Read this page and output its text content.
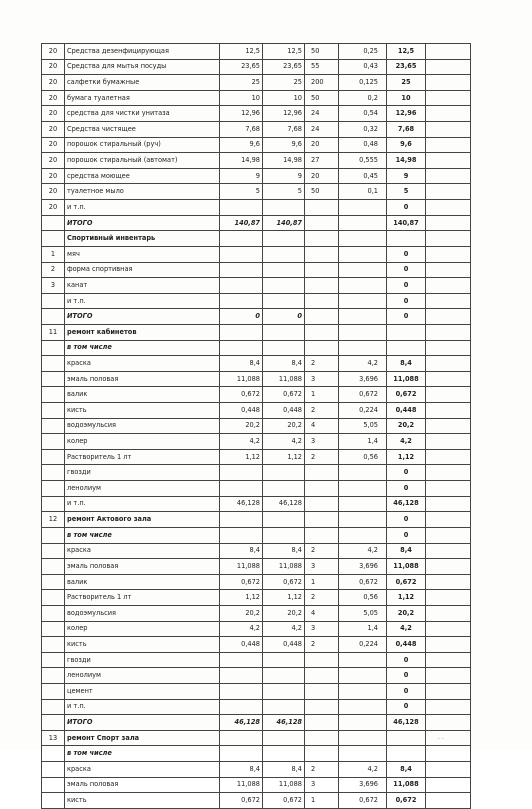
20	Средства дезенфицирующая	12,5	12,5	50	0,25	12,5	
20	Средства для мытья посуды	23,65	23,65	55	0,43	23,65	
20	салфетки бумажные	25	25	200	0,125	25	
20	бумага туалетная	10	10	50	0,2	10	
20	средства для чистки унитаза	12,96	12,96	24	0,54	12,96	
20	Средства чистящее	7,68	7,68	24	0,32	7,68	
20	порошок стиральный (руч)	9,6	9,6	20	0,48	9,6	
20	порошок стиральный (автомат)	14,98	14,98	27	0,555	14,98	
20	средства моющее	9	9	20	0,45	9	
20	туалетное мыло	5	5	50	0,1	5	
20	и т.п.					0	
	ИТОГО	140,87	140,87			140,87	
	Спортивный инвентарь						
1	мяч					0	
2	форма спортивная					0	
3	канат					0	
	и т.п.					0	
	ИТОГО	0	0			0	
11	ремонт кабинетов						
	в том числе						
	краска	8,4	8,4	2	4,2	8,4	
	эмаль половая	11,088	11,088	3	3,696	11,088	
	валик	0,672	0,672	1	0,672	0,672	
	кисть	0,448	0,448	2	0,224	0,448	
	водоэмульсия	20,2	20,2	4	5,05	20,2	
	колер	4,2	4,2	3	1,4	4,2	
	Растворитель 1 лт	1,12	1,12	2	0,56	1,12	
	гвозди					0	
	ленолиум					0	
	и т.п.	46,128	46,128			46,128	
12	ремонт Актового зала					0	
	в том числе					0	
	краска	8,4	8,4	2	4,2	8,4	
	эмаль половая	11,088	11,088	3	3,696	11,088	
	валик	0,672	0,672	1	0,672	0,672	
	Растворитель 1 лт	1,12	1,12	2	0,56	1,12	
	водоэмульсия	20,2	20,2	4	5,05	20,2	
	колер	4,2	4,2	3	1,4	4,2	
	кисть	0,448	0,448	2	0,224	0,448	
	гвозди					0	
	ленолиум					0	
	цемент					0	
	и т.п.					0	
	ИТОГО	46,128	46,128			46,128	
13	ремонт Спорт зала						
	в том числе						
	краска	8,4	8,4	2	4,2	8,4	
	эмаль половая	11,088	11,088	3	3,696	11,088	
	кисть	0,672	0,672	1	0,672	0,672	
· ·
